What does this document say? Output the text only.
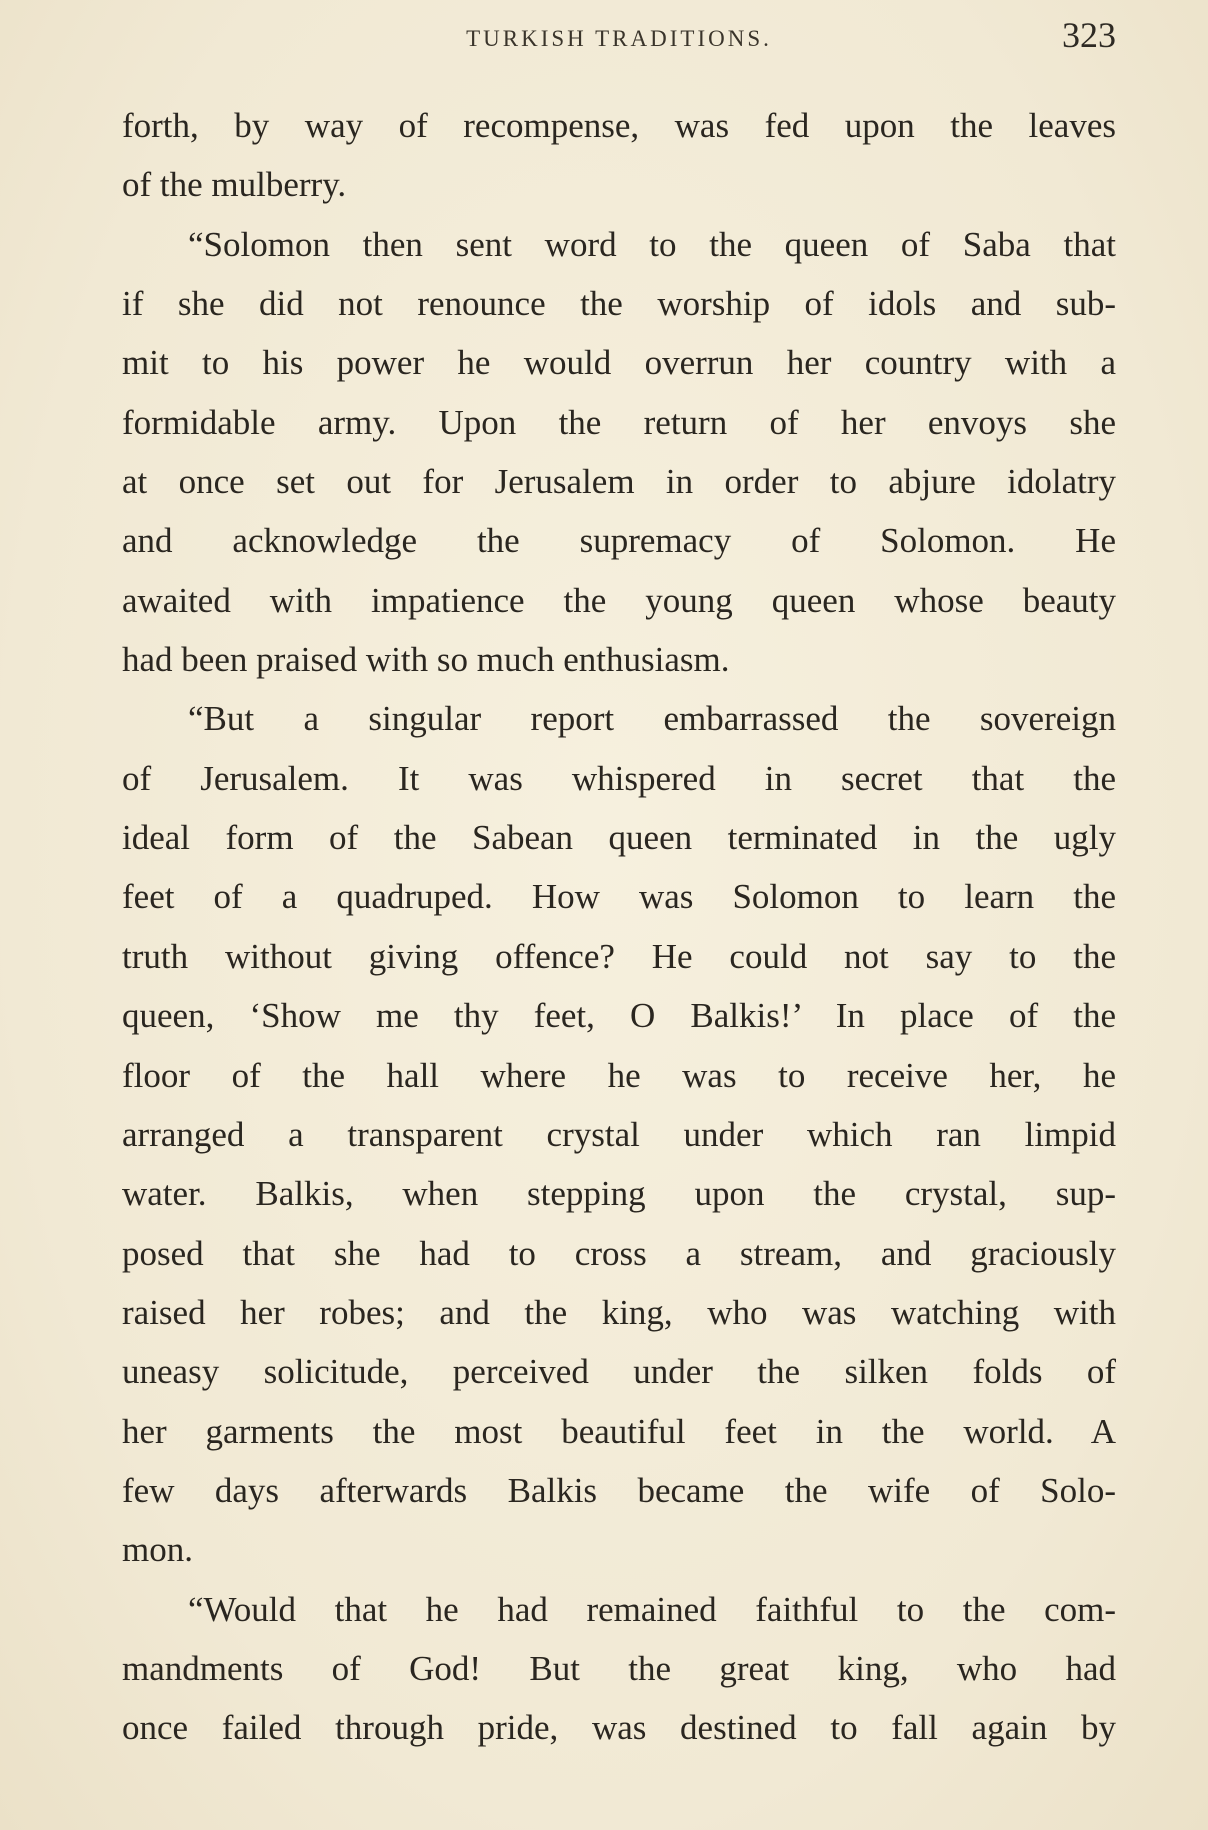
TURKISH TRADITIONS.	323
forth, by way of recompense, was fed upon the leaves
of the mulberry.
“Solomon then sent word to the queen of Saba that
if she did not renounce the worship of idols and sub-
mit to his power he would overrun her country with a
formidable army. Upon the return of her envoys she
at once set out for Jerusalem in order to abjure idolatry
and acknowledge the supremacy of Solomon. He
awaited with impatience the young queen whose beauty
had been praised with so much enthusiasm.
“But a singular report embarrassed the sovereign
of Jerusalem. It was whispered in secret that the
ideal form of the Sabean queen terminated in the ugly
feet of a quadruped. How was Solomon to learn the
truth without giving offence? He could not say to the
queen, ‘Show me thy feet, O Balkis!’ In place of the
floor of the hall where he was to receive her, he
arranged a transparent crystal under which ran limpid
water. Balkis, when stepping upon the crystal, sup-
posed that she had to cross a stream, and graciously
raised her robes; and the king, who was watching with
uneasy solicitude, perceived under the silken folds of
her garments the most beautiful feet in the world. A
few days afterwards Balkis became the wife of Solo-
mon.
“Would that he had remained faithful to the com-
mandments of God! But the great king, who had
once failed through pride, was destined to fall again by
